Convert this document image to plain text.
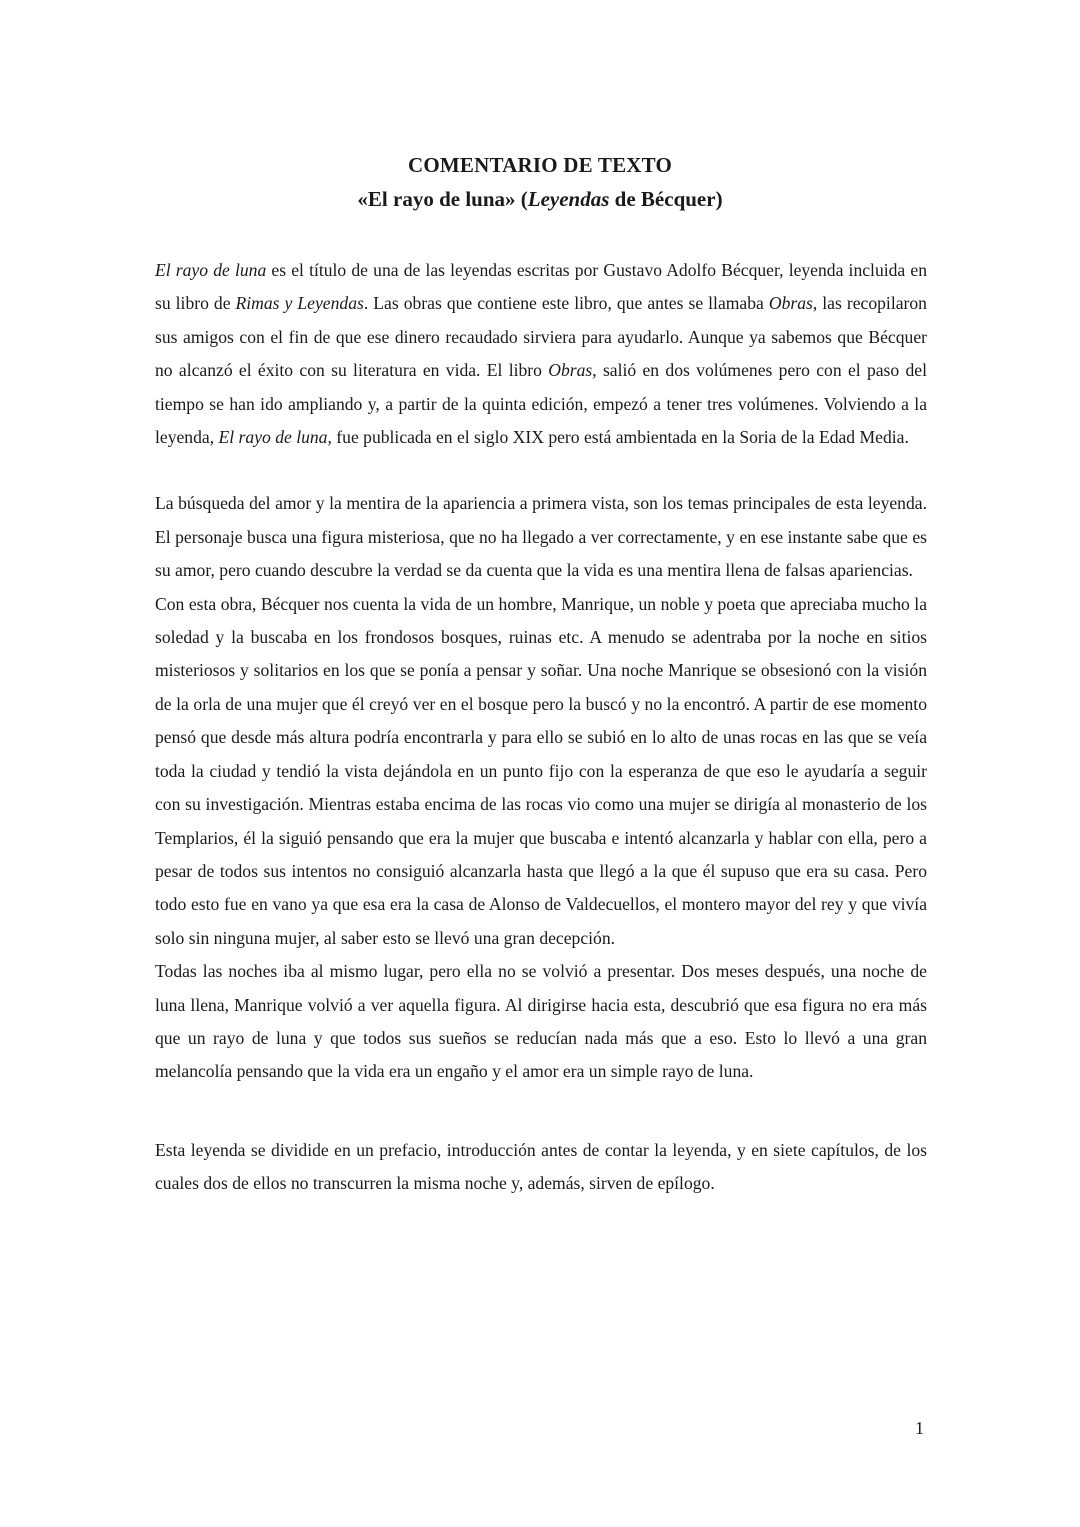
COMENTARIO DE TEXTO
«El rayo de luna» (Leyendas de Bécquer)

El rayo de luna es el título de una de las leyendas escritas por Gustavo Adolfo Bécquer, leyenda incluida en su libro de Rimas y Leyendas. Las obras que contiene este libro, que antes se llamaba Obras, las recopilaron sus amigos con el fin de que ese dinero recaudado sirviera para ayudarlo. Aunque ya sabemos que Bécquer no alcanzó el éxito con su literatura en vida. El libro Obras, salió en dos volúmenes pero con el paso del tiempo se han ido ampliando y, a partir de la quinta edición, empezó a tener tres volúmenes. Volviendo a la leyenda, El rayo de luna, fue publicada en el siglo XIX pero está ambientada en la Soria de la Edad Media.

La búsqueda del amor y la mentira de la apariencia a primera vista, son los temas principales de esta leyenda. El personaje busca una figura misteriosa, que no ha llegado a ver correctamente, y en ese instante sabe que es su amor, pero cuando descubre la verdad se da cuenta que la vida es una mentira llena de falsas apariencias.

Con esta obra, Bécquer nos cuenta la vida de un hombre, Manrique, un noble y poeta que apreciaba mucho la soledad y la buscaba en los frondosos bosques, ruinas etc. A menudo se adentraba por la noche en sitios misteriosos y solitarios en los que se ponía a pensar y soñar. Una noche Manrique se obsesionó con la visión de la orla de una mujer que él creyó ver en el bosque pero la buscó y no la encontró. A partir de ese momento pensó que desde más altura podría encontrarla y para ello se subió en lo alto de unas rocas en las que se veía toda la ciudad y tendió la vista dejándola en un punto fijo con la esperanza de que eso le ayudaría a seguir con su investigación. Mientras estaba encima de las rocas vio como una mujer se dirigía al monasterio de los Templarios, él la siguió pensando que era la mujer que buscaba e intentó alcanzarla y hablar con ella, pero a pesar de todos sus intentos no consiguió alcanzarla hasta que llegó a la que él supuso que era su casa. Pero todo esto fue en vano ya que esa era la casa de Alonso de Valdecuellos, el montero mayor del rey y que vivía solo sin ninguna mujer, al saber esto se llevó una gran decepción.

Todas las noches iba al mismo lugar, pero ella no se volvió a presentar. Dos meses después, una noche de luna llena, Manrique volvió a ver aquella figura. Al dirigirse hacia esta, descubrió que esa figura no era más que un rayo de luna y que todos sus sueños se reducían nada más que a eso. Esto lo llevó a una gran melancolía pensando que la vida era un engaño y el amor era un simple rayo de luna.

Esta leyenda se dividide en un prefacio, introducción antes de contar la leyenda, y en siete capítulos, de los cuales dos de ellos no transcurren la misma noche y, además, sirven de epílogo.

1
